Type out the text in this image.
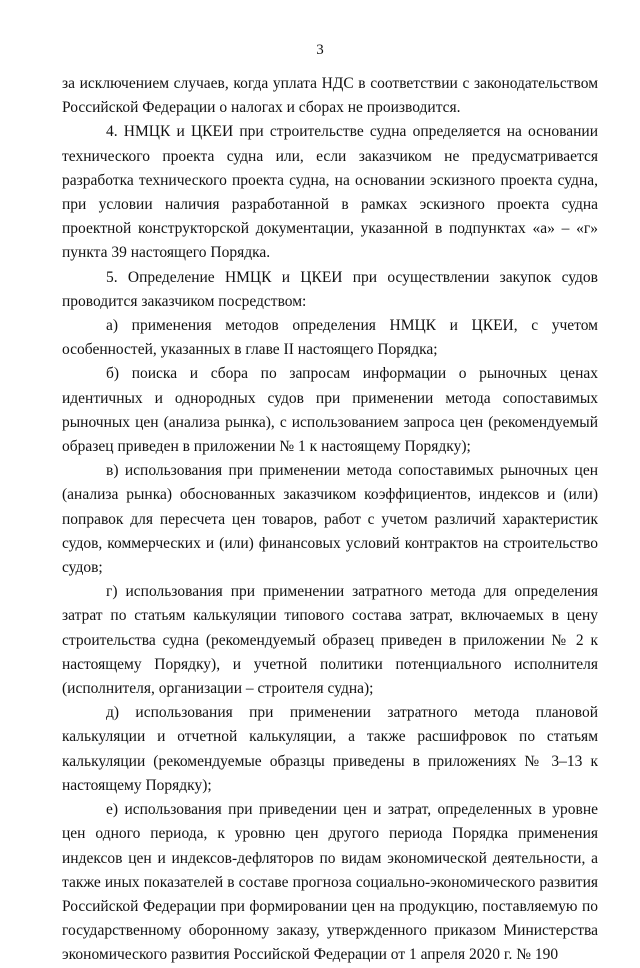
3

за исключением случаев, когда уплата НДС в соответствии с законодательством Российской Федерации о налогах и сборах не производится.

4. НМЦК и ЦКЕИ при строительстве судна определяется на основании технического проекта судна или, если заказчиком не предусматривается разработка технического проекта судна, на основании эскизного проекта судна, при условии наличия разработанной в рамках эскизного проекта судна проектной конструкторской документации, указанной в подпунктах «а» – «г» пункта 39 настоящего Порядка.

5. Определение НМЦК и ЦКЕИ при осуществлении закупок судов проводится заказчиком посредством:

а) применения методов определения НМЦК и ЦКЕИ, с учетом особенностей, указанных в главе II настоящего Порядка;

б) поиска и сбора по запросам информации о рыночных ценах идентичных и однородных судов при применении метода сопоставимых рыночных цен (анализа рынка), с использованием запроса цен (рекомендуемый образец приведен в приложении № 1 к настоящему Порядку);

в) использования при применении метода сопоставимых рыночных цен (анализа рынка) обоснованных заказчиком коэффициентов, индексов и (или) поправок для пересчета цен товаров, работ с учетом различий характеристик судов, коммерческих и (или) финансовых условий контрактов на строительство судов;

г) использования при применении затратного метода для определения затрат по статьям калькуляции типового состава затрат, включаемых в цену строительства судна (рекомендуемый образец приведен в приложении № 2 к настоящему Порядку), и учетной политики потенциального исполнителя (исполнителя, организации – строителя судна);

д) использования при применении затратного метода плановой калькуляции и отчетной калькуляции, а также расшифровок по статьям калькуляции (рекомендуемые образцы приведены в приложениях № 3–13 к настоящему Порядку);

е) использования при приведении цен и затрат, определенных в уровне цен одного периода, к уровню цен другого периода Порядка применения индексов цен и индексов-дефляторов по видам экономической деятельности, а также иных показателей в составе прогноза социально-экономического развития Российской Федерации при формировании цен на продукцию, поставляемую по государственному оборонному заказу, утвержденного приказом Министерства экономического развития Российской Федерации от 1 апреля 2020 г. № 190
